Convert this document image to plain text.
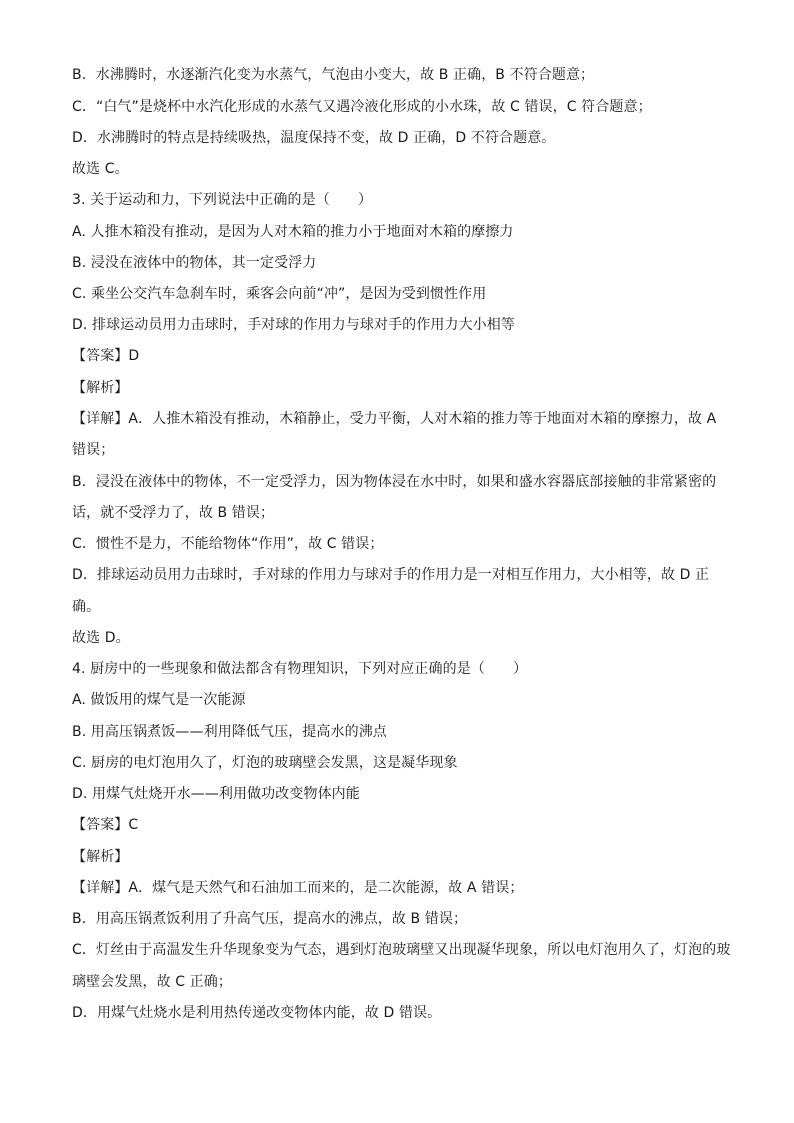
B．水沸腾时，水逐渐汽化变为水蒸气，气泡由小变大，故 B 正确，B 不符合题意；
C．“白气”是烧杯中水汽化形成的水蒸气又遇冷液化形成的小水珠，故 C 错误，C 符合题意；
D．水沸腾时的特点是持续吸热，温度保持不变，故 D 正确，D 不符合题意。
故选 C。
3. 关于运动和力，下列说法中正确的是（　　）
A. 人推木箱没有推动，是因为人对木箱的推力小于地面对木箱的摩擦力
B. 浸没在液体中的物体，其一定受浮力
C. 乘坐公交汽车急刹车时，乘客会向前“冲”，是因为受到惯性作用
D. 排球运动员用力击球时，手对球的作用力与球对手的作用力大小相等
【答案】D
【解析】
【详解】A．人推木箱没有推动，木箱静止，受力平衡，人对木箱的推力等于地面对木箱的摩擦力，故 A
错误；
B．浸没在液体中的物体，不一定受浮力，因为物体浸在水中时，如果和盛水容器底部接触的非常紧密的
话，就不受浮力了，故 B 错误；
C．惯性不是力，不能给物体“作用”，故 C 错误；
D．排球运动员用力击球时，手对球的作用力与球对手的作用力是一对相互作用力，大小相等，故 D 正
确。
故选 D。
4. 厨房中的一些现象和做法都含有物理知识，下列对应正确的是（　　）
A. 做饭用的煤气是一次能源
B. 用高压锅煮饭——利用降低气压，提高水的沸点
C. 厨房的电灯泡用久了，灯泡的玻璃壁会发黑，这是凝华现象
D. 用煤气灶烧开水——利用做功改变物体内能
【答案】C
【解析】
【详解】A．煤气是天然气和石油加工而来的，是二次能源，故 A 错误；
B．用高压锅煮饭利用了升高气压，提高水的沸点，故 B 错误；
C．灯丝由于高温发生升华现象变为气态，遇到灯泡玻璃壁又出现凝华现象，所以电灯泡用久了，灯泡的玻
璃壁会发黑，故 C 正确；
D．用煤气灶烧水是利用热传递改变物体内能，故 D 错误。
